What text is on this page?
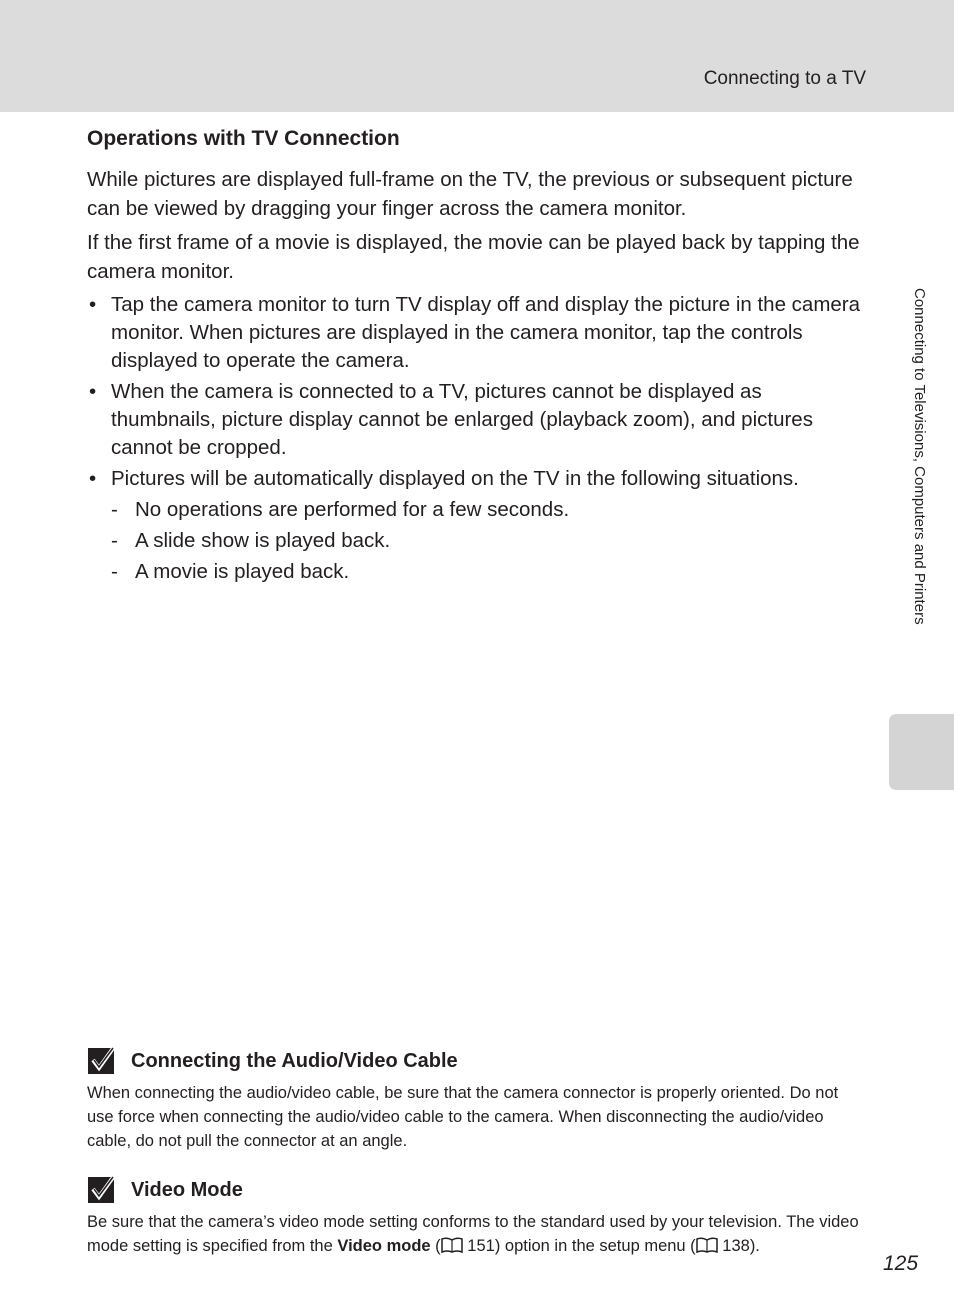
Connecting to a TV
Connecting to Televisions, Computers and Printers
Operations with TV Connection

While pictures are displayed full-frame on the TV, the previous or subsequent picture can be viewed by dragging your finger across the camera monitor.

If the first frame of a movie is displayed, the movie can be played back by tapping the camera monitor.

• Tap the camera monitor to turn TV display off and display the picture in the camera monitor. When pictures are displayed in the camera monitor, tap the controls displayed to operate the camera.
• When the camera is connected to a TV, pictures cannot be displayed as thumbnails, picture display cannot be enlarged (playback zoom), and pictures cannot be cropped.
• Pictures will be automatically displayed on the TV in the following situations.
- No operations are performed for a few seconds.
- A slide show is played back.
- A movie is played back.
Connecting the Audio/Video Cable
When connecting the audio/video cable, be sure that the camera connector is properly oriented. Do not use force when connecting the audio/video cable to the camera. When disconnecting the audio/video cable, do not pull the connector at an angle.
Video Mode
Be sure that the camera’s video mode setting conforms to the standard used by your television. The video mode setting is specified from the Video mode ( 151) option in the setup menu ( 138).
125
